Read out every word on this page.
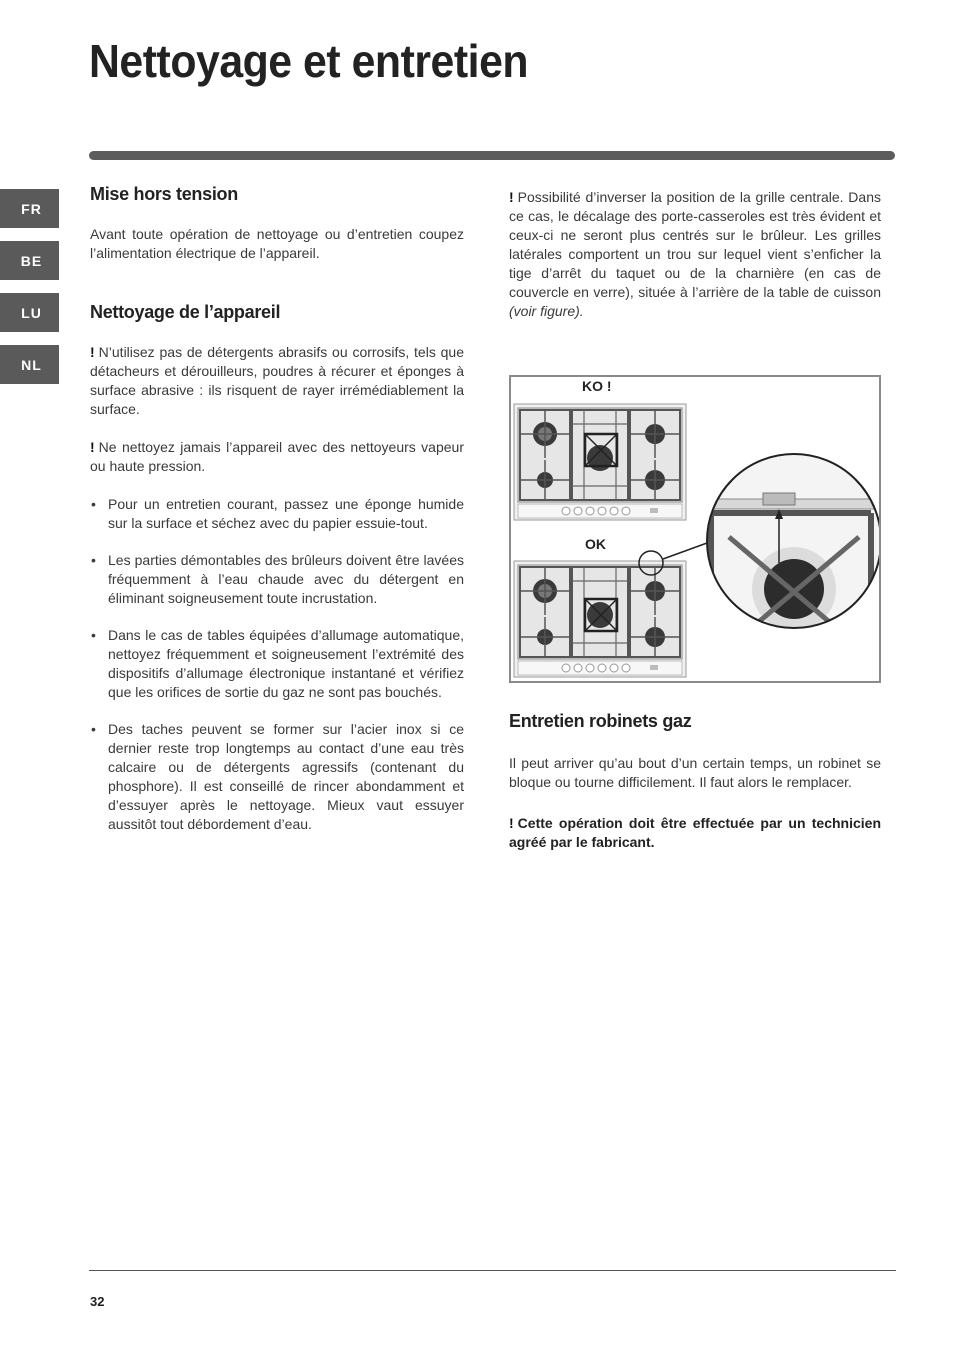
Nettoyage et entretien
FR
BE
LU
NL
Mise hors tension

Avant toute opération de nettoyage ou d’entretien coupez l’alimentation électrique de l’appareil.

Nettoyage de l’appareil

! N’utilisez pas de détergents abrasifs ou corrosifs, tels que détacheurs et dérouilleurs, poudres à récurer et éponges à surface abrasive : ils risquent de rayer irrémédiablement la surface.

! Ne nettoyez jamais l’appareil avec des nettoyeurs vapeur ou haute pression.

• Pour un entretien courant, passez une éponge humide sur la surface et séchez avec du papier essuie-tout.
• Les parties démontables des brûleurs doivent être lavées fréquemment à l’eau chaude avec du détergent en éliminant soigneusement toute incrustation.
• Dans le cas de tables équipées d’allumage automatique, nettoyez fréquemment et soigneusement l’extrémité des dispositifs d’allumage électronique instantané et vérifiez que les orifices de sortie du gaz ne sont pas bouchés.
• Des taches peuvent se former sur l’acier inox si ce dernier reste trop longtemps au contact d’une eau très calcaire ou de détergents agressifs (contenant du phosphore). Il est conseillé de rincer abondamment et d’essuyer après le nettoyage. Mieux vaut essuyer aussitôt tout débordement d’eau.

! Possibilité d’inverser la position de la grille centrale. Dans ce cas, le décalage des porte-casseroles est très évident et ceux-ci ne seront plus centrés sur le brûleur. Les grilles latérales comportent un trou sur lequel vient s’enficher la tige d’arrêt du taquet ou de la charnière (en cas de couvercle en verre), située à l’arrière de la table de cuisson (voir figure).

KO !
OK
Entretien robinets gaz

Il peut arriver qu’au bout d’un certain temps, un robinet se bloque ou tourne difficilement. Il faut alors le remplacer.

! Cette opération doit être effectuée par un technicien agréé par le fabricant.

32
